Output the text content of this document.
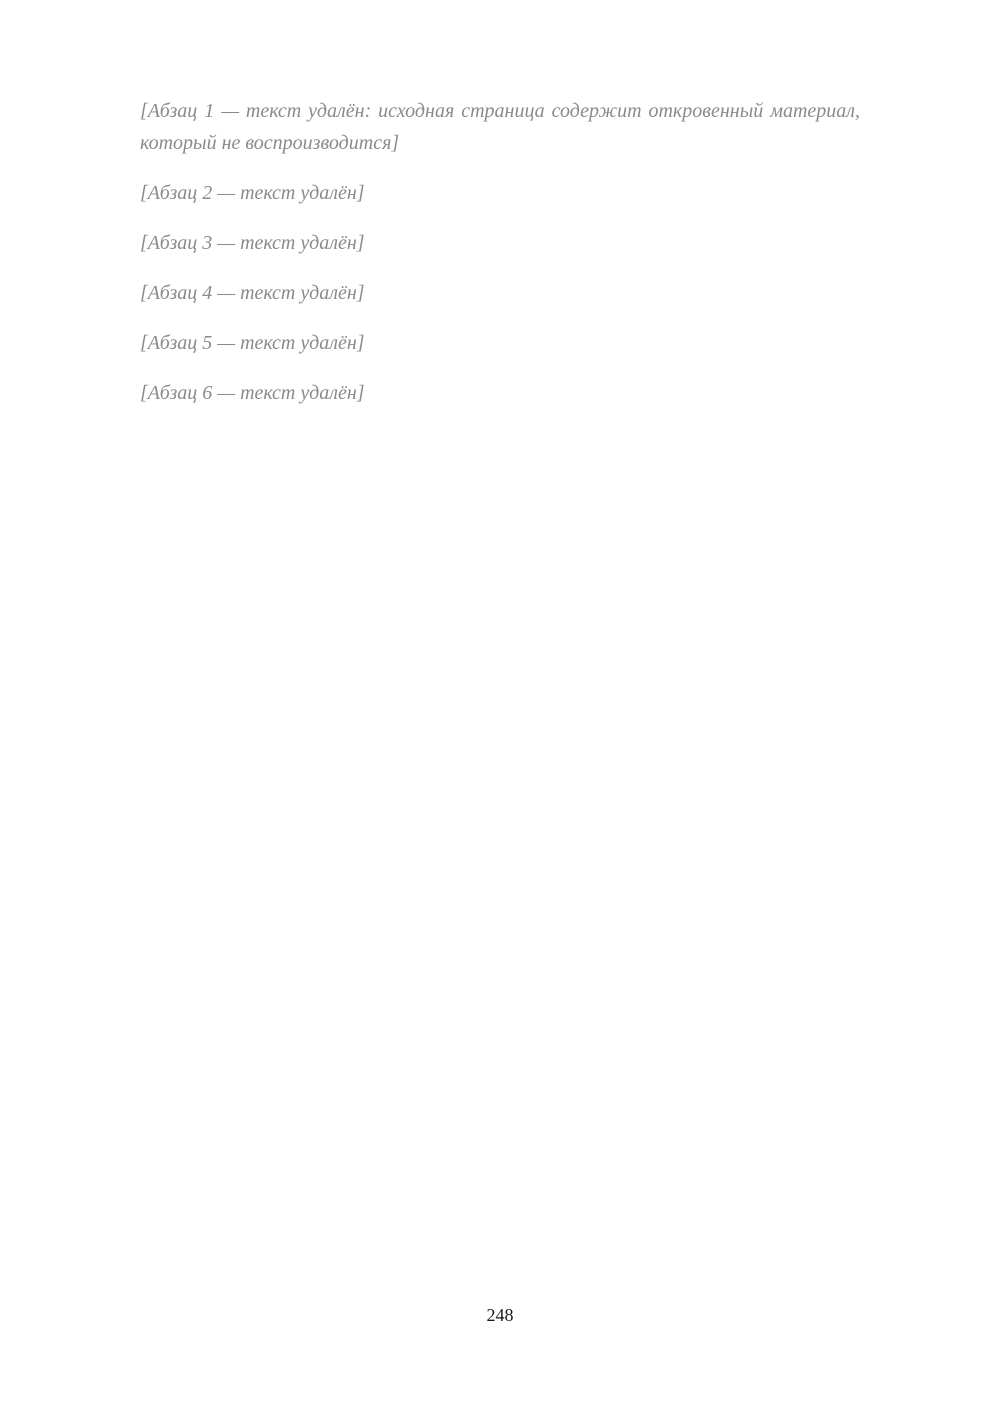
[Абзац 1 — текст удалён: исходная страница содержит откровенный материал, который не воспроизводится]

[Абзац 2 — текст удалён]

[Абзац 3 — текст удалён]

[Абзац 4 — текст удалён]

[Абзац 5 — текст удалён]

[Абзац 6 — текст удалён]

248
